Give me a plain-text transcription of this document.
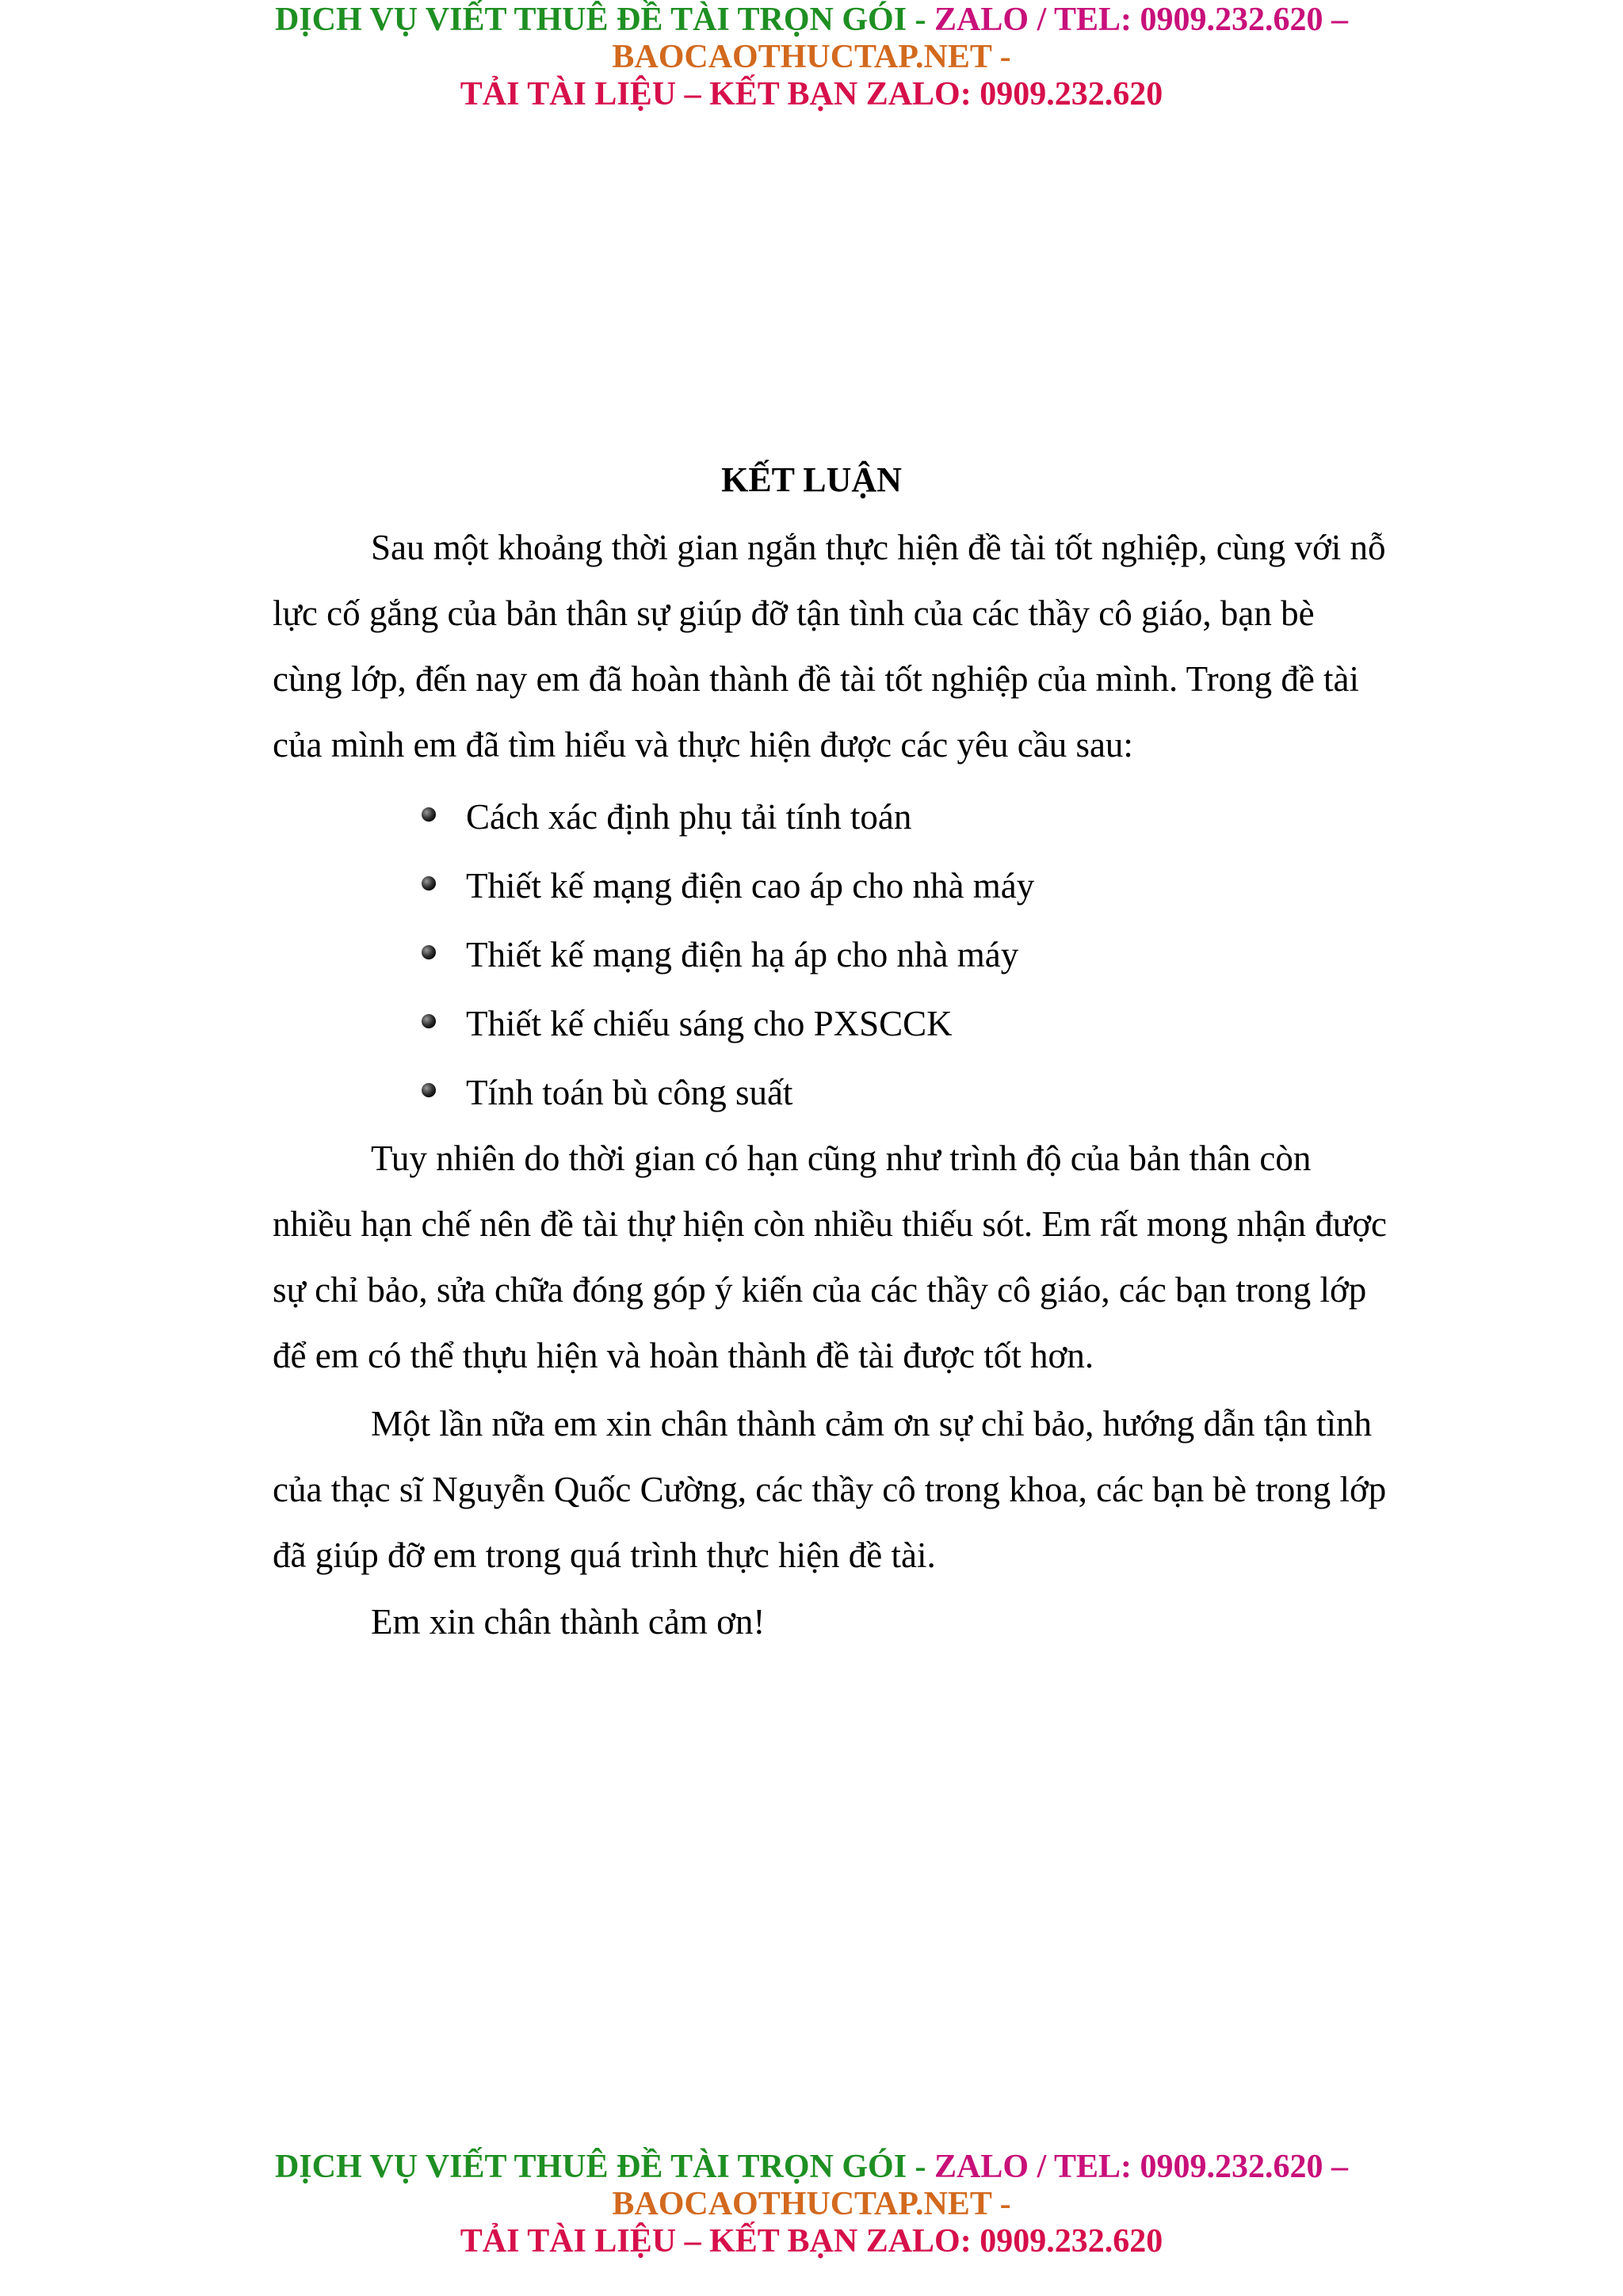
DỊCH VỤ VIẾT THUÊ ĐỀ TÀI TRỌN GÓI - ZALO / TEL: 0909.232.620 –
BAOCAOTHUCTAP.NET -
TẢI TÀI LIỆU – KẾT BẠN ZALO: 0909.232.620
KẾT LUẬN

Sau một khoảng thời gian ngắn thực hiện đề tài tốt nghiệp, cùng với nỗ
lực cố gắng của bản thân sự giúp đỡ tận tình của các thầy cô giáo, bạn bè
cùng lớp, đến nay em đã hoàn thành đề tài tốt nghiệp của mình. Trong đề tài
của mình em đã tìm hiểu và thực hiện được các yêu cầu sau:

Cách xác định phụ tải tính toán
Thiết kế mạng điện cao áp cho nhà máy
Thiết kế mạng điện hạ áp cho nhà máy
Thiết kế chiếu sáng cho PXSCCK
Tính toán bù công suất

Tuy nhiên do thời gian có hạn cũng như trình độ của bản thân còn
nhiều hạn chế nên đề tài thự hiện còn nhiều thiếu sót. Em rất mong nhận được
sự chỉ bảo, sửa chữa đóng góp ý kiến của các thầy cô giáo, các bạn trong lớp
để em có thể thựu hiện và hoàn thành đề tài được tốt hơn.

Một lần nữa em xin chân thành cảm ơn sự chỉ bảo, hướng dẫn tận tình
của thạc sĩ Nguyễn Quốc Cường, các thầy cô trong khoa, các bạn bè trong lớp
đã giúp đỡ em trong quá trình thực hiện đề tài.

Em xin chân thành cảm ơn!

DỊCH VỤ VIẾT THUÊ ĐỀ TÀI TRỌN GÓI - ZALO / TEL: 0909.232.620 –
BAOCAOTHUCTAP.NET -
TẢI TÀI LIỆU – KẾT BẠN ZALO: 0909.232.620
